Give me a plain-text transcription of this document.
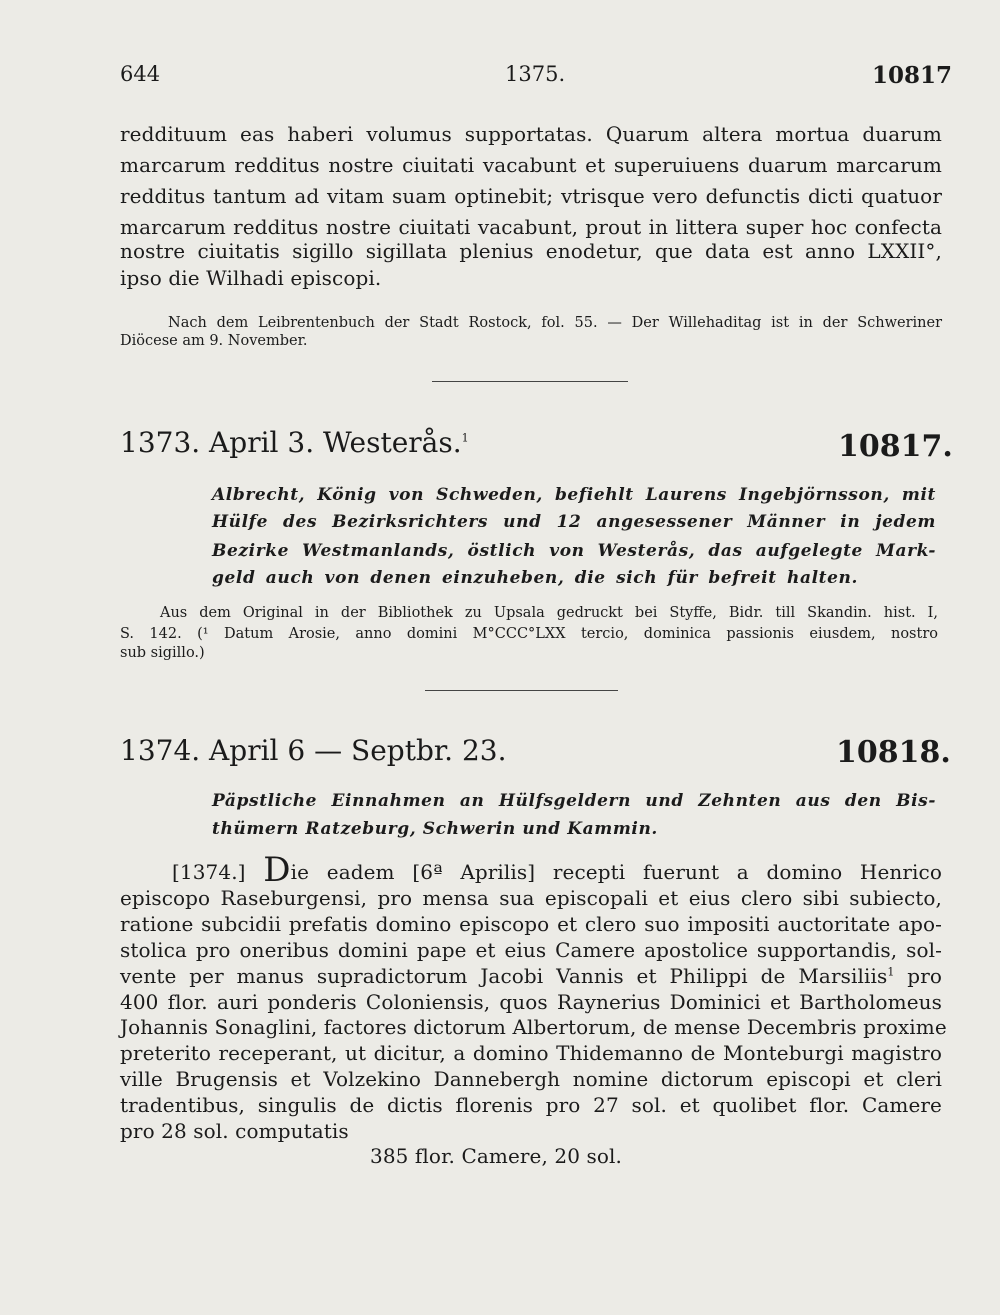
644	1375.	10817
reddituum eas haberi volumus supportatas. Quarum altera mortua duarum
marcarum redditus nostre ciuitati vacabunt et superuiuens duarum marcarum
redditus tantum ad vitam suam optinebit; vtrisque vero defunctis dicti quatuor
marcarum redditus nostre ciuitati vacabunt, prout in littera super hoc confecta
nostre ciuitatis sigillo sigillata plenius enodetur, que data est anno LXXII°,
ipso die Wilhadi episcopi.
Nach dem Leibrentenbuch der Stadt Rostock, fol. 55. — Der Willehaditag ist in der Schweriner
Diöcese am 9. November.
1373. April 3. Westerås.$^1$	10817.
Albrecht, König von Schweden, befiehlt Laurens Ingebjörnsson, mit
Hülfe des Bezirksrichters und 12 angesessener Männer in jedem
Bezirke Westmanlands, östlich von Westerås, das aufgelegte Mark-
geld auch von denen einzuheben, die sich für befreit halten.
Aus dem Original in der Bibliothek zu Upsala gedruckt bei Styffe, Bidr. till Skandin. hist. I,
S. 142. (¹ Datum Arosie, anno domini M°CCC°LXX tercio, dominica passionis eiusdem, nostro
sub sigillo.)
1374. April 6 — Septbr. 23.	10818.
Päpstliche Einnahmen an Hülfsgeldern und Zehnten aus den Bis-
thümern Ratzeburg, Schwerin und Kammin.
[1374.] Die eadem [6ª Aprilis] recepti fuerunt a domino Henrico
episcopo Raseburgensi, pro mensa sua episcopali et eius clero sibi subiecto,
ratione subcidii prefatis domino episcopo et clero suo impositi auctoritate apo-
stolica pro oneribus domini pape et eius Camere apostolice supportandis, sol-
vente per manus supradictorum Jacobi Vannis et Philippi de Marsiliis$^1$ pro
400 flor. auri ponderis Coloniensis, quos Raynerius Dominici et Bartholomeus
Johannis Sonaglini, factores dictorum Albertorum, de mense Decembris proxime
preterito receperant, ut dicitur, a domino Thidemanno de Monteburgi magistro
ville Brugensis et Volzekino Dannebergh nomine dictorum episcopi et cleri
tradentibus, singulis de dictis florenis pro 27 sol. et quolibet flor. Camere
pro 28 sol. computatis
385 flor. Camere, 20 sol.
